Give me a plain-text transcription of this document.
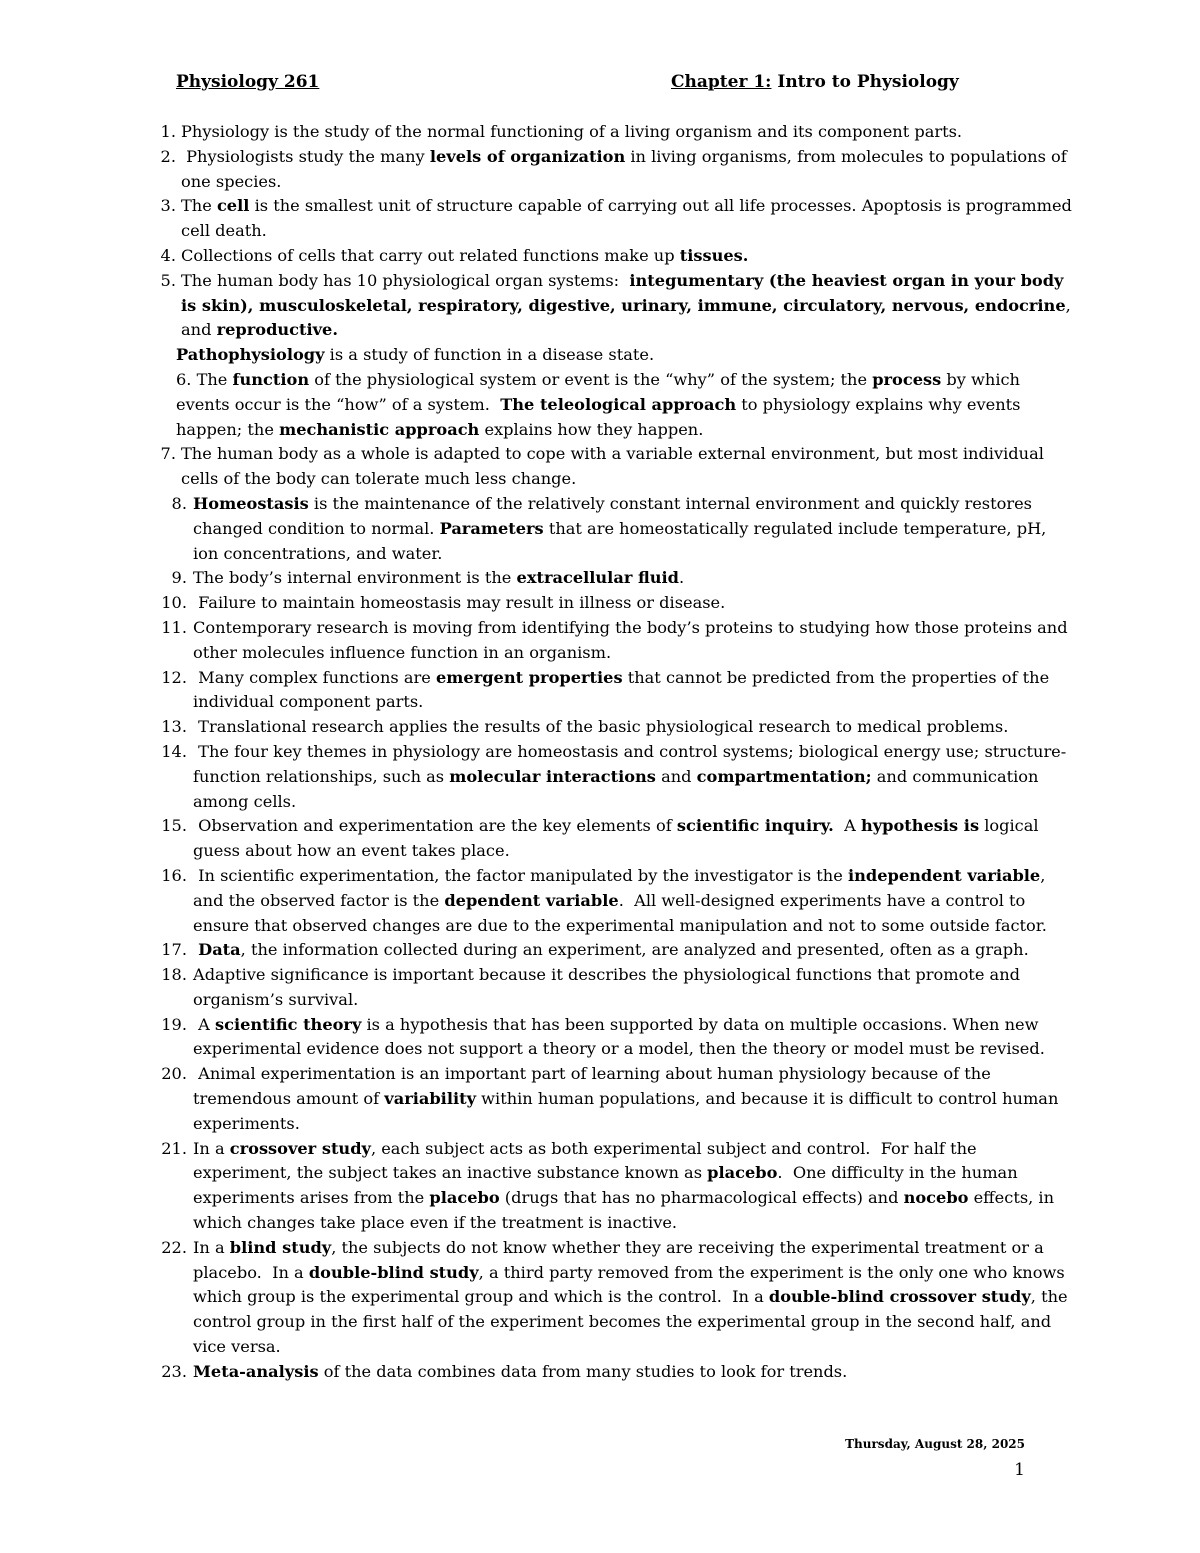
Physiology 261	Chapter 1: Intro to Physiology
1. Physiology is the study of the normal functioning of a living organism and its component parts.
2. Physiologists study the many levels of organization in living organisms, from molecules to populations of one species.
3. The cell is the smallest unit of structure capable of carrying out all life processes. Apoptosis is programmed cell death.
4. Collections of cells that carry out related functions make up tissues.
5. The human body has 10 physiological organ systems:  integumentary (the heaviest organ in your body is skin), musculoskeletal, respiratory, digestive, urinary, immune, circulatory, nervous, endocrine, and reproductive.
Pathophysiology is a study of function in a disease state.
6. The function of the physiological system or event is the “why” of the system; the process by which events occur is the “how” of a system.  The teleological approach to physiology explains why events happen; the mechanistic approach explains how they happen.
7. The human body as a whole is adapted to cope with a variable external environment, but most individual  cells of the body can tolerate much less change.
8. Homeostasis is the maintenance of the relatively constant internal environment and quickly restores changed condition to normal. Parameters that are homeostatically regulated include temperature, pH, ion concentrations, and water.
9. The body’s internal environment is the extracellular fluid.
10. Failure to maintain homeostasis may result in illness or disease.
11. Contemporary research is moving from identifying the body’s proteins to studying how those proteins and other molecules influence function in an organism.
12. Many complex functions are emergent properties that cannot be predicted from the properties of the individual component parts.
13. Translational research applies the results of the basic physiological research to medical problems.
14. The four key themes in physiology are homeostasis and control systems; biological energy use; structure-function relationships, such as molecular interactions and compartmentation; and communication among cells.
15. Observation and experimentation are the key elements of scientific inquiry.  A hypothesis is logical guess about how an event takes place.
16. In scientific experimentation, the factor manipulated by the investigator is the independent variable, and the observed factor is the dependent variable.  All well-designed experiments have a control to ensure that observed changes are due to the experimental manipulation and not to some outside factor.
17. Data, the information collected during an experiment, are analyzed and presented, often as a graph.
18. Adaptive significance is important because it describes the physiological functions that promote and organism’s survival.
19. A scientific theory is a hypothesis that has been supported by data on multiple occasions. When new experimental evidence does not support a theory or a model, then the theory or model must be revised.
20. Animal experimentation is an important part of learning about human physiology because of the tremendous amount of variability within human populations, and because it is difficult to control human experiments.
21. In a crossover study, each subject acts as both experimental subject and control.  For half the experiment, the subject takes an inactive substance known as placebo.  One difficulty in the human experiments arises from the placebo (drugs that has no pharmacological effects) and nocebo effects, in which changes take place even if the treatment is inactive.
22. In a blind study, the subjects do not know whether they are receiving the experimental treatment or a placebo.  In a double-blind study, a third party removed from the experiment is the only one who knows which group is the experimental group and which is the control.  In a double-blind crossover study, the control group in the first half of the experiment becomes the experimental group in the second half, and vice versa.
23. Meta-analysis of the data combines data from many studies to look for trends.
Thursday, August 28, 2025
1
